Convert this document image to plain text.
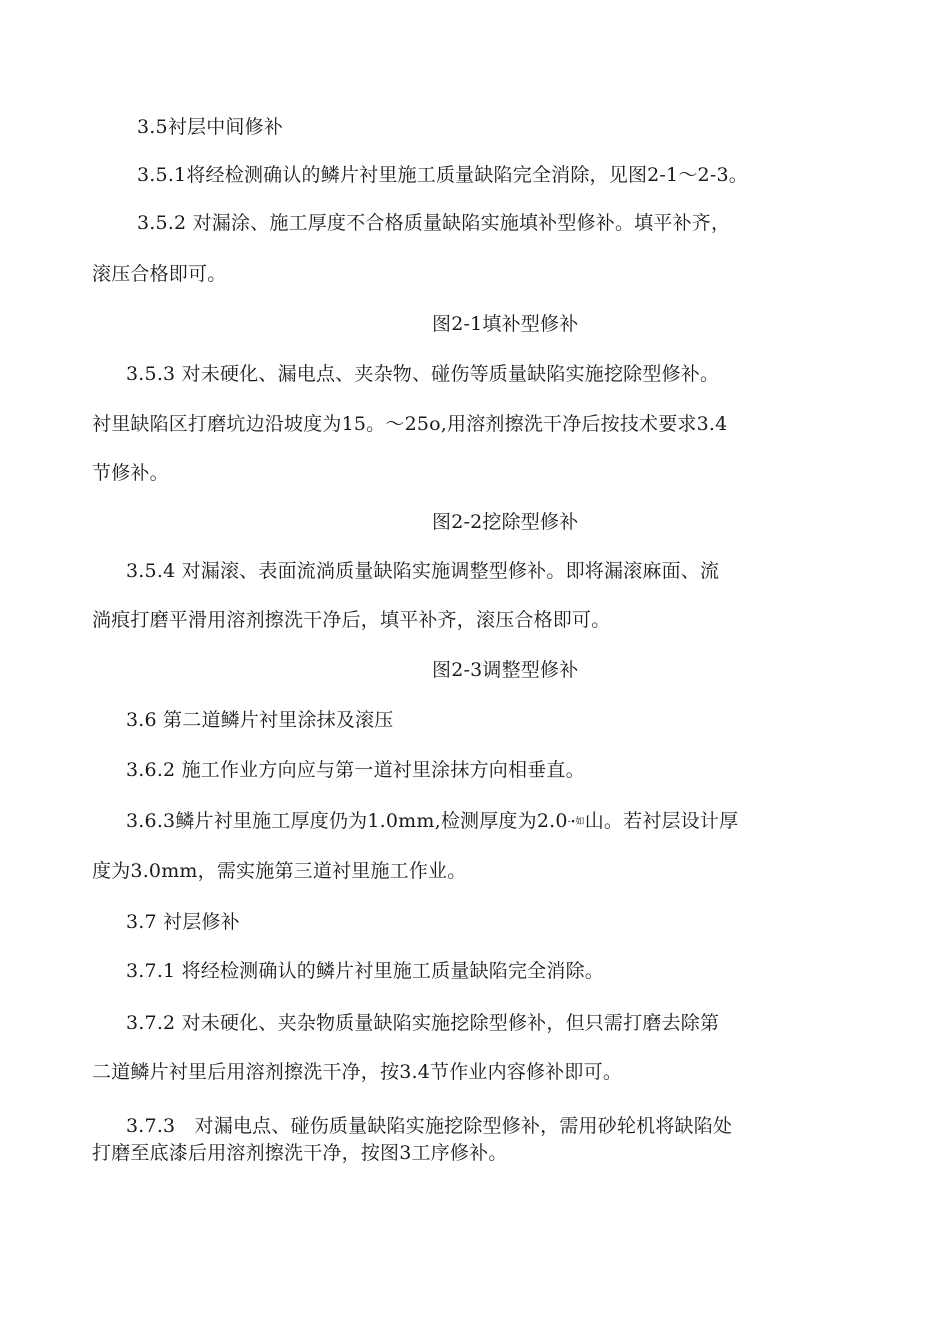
3.5衬层中间修补
3.5.1将经检测确认的鳞片衬里施工质量缺陷完全消除，见图2-1〜2-3。
3.5.2 对漏涂、施工厚度不合格质量缺陷实施填补型修补。填平补齐，
滚压合格即可。
图2-1填补型修补
3.5.3 对未硬化、漏电点、夹杂物、碰伤等质量缺陷实施挖除型修补。
衬里缺陷区打磨坑边沿坡度为15。〜25o,用溶剂擦洗干净后按技术要求3.4
节修补。
图2-2挖除型修补
3.5.4 对漏滚、表面流淌质量缺陷实施调整型修补。即将漏滚麻面、流
淌痕打磨平滑用溶剂擦洗干净后，填平补齐，滚压合格即可。
图2-3调整型修补
3.6 第二道鳞片衬里涂抹及滚压
3.6.2 施工作业方向应与第一道衬里涂抹方向相垂直。
3.6.3鳞片衬里施工厚度仍为1.0mm,检测厚度为2.0-∙如山。若衬层设计厚
度为3.0mm，需实施第三道衬里施工作业。
3.7 衬层修补
3.7.1 将经检测确认的鳞片衬里施工质量缺陷完全消除。
3.7.2 对未硬化、夹杂物质量缺陷实施挖除型修补，但只需打磨去除第
二道鳞片衬里后用溶剂擦洗干净，按3.4节作业内容修补即可。
3.7.3　对漏电点、碰伤质量缺陷实施挖除型修补，需用砂轮机将缺陷处
打磨至底漆后用溶剂擦洗干净，按图3工序修补。
